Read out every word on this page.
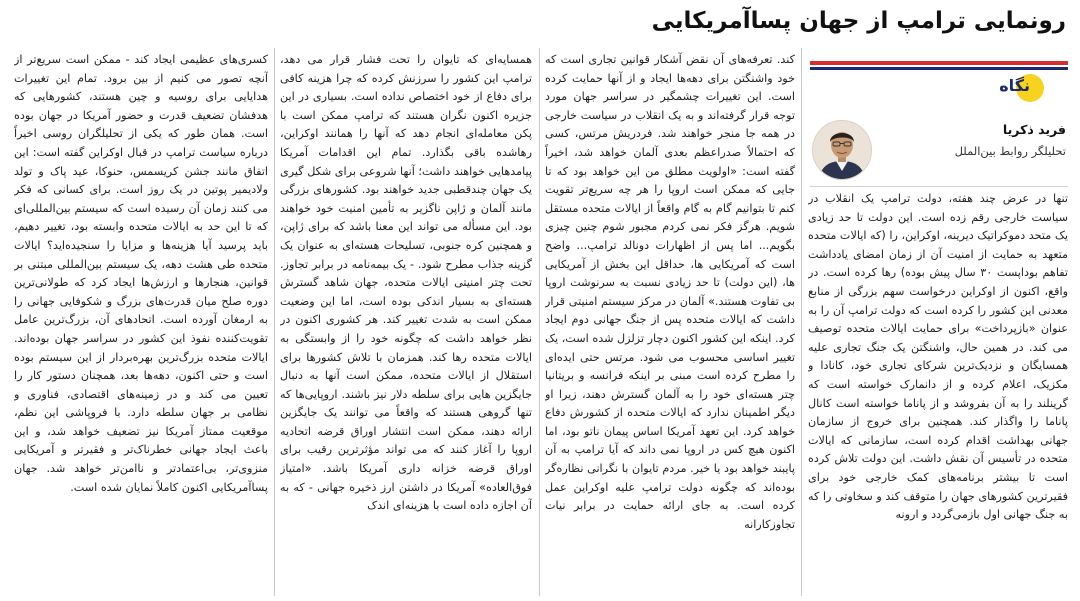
رونمایی ترامپ از جهان پساآمریکایی
نگاه
فرید ذکریا
تحلیلگر روابط بین‌الملل

تنها در عرض چند هفته، دولت ترامپ یک انقلاب در سیاست خارجی رقم زده است. این دولت تا حد زیادی یک متحد دموکراتیک دیرینه، اوکراین، را (که ایالات متحده متعهد به حمایت از امنیت آن از زمان امضای یادداشت تفاهم بوداپست ۳۰ سال پیش بوده) رها کرده است. در واقع، اکنون از اوکراین درخواست سهم بزرگی از منابع معدنی این کشور را کرده است که دولت ترامپ آن را به عنوان «بازپرداخت» برای حمایت ایالات متحده توصیف می کند. در همین حال، واشنگتن یک جنگ تجاری علیه همسایگان و نزدیک‌ترین شرکای تجاری خود، کانادا و مکزیک، اعلام کرده و از دانمارک خواسته است که گرینلند را به آن بفروشد و از پاناما خواسته است کانال پاناما را واگذار کند. همچنین برای خروج از سازمان جهانی بهداشت اقدام کرده است، سازمانی که ایالات متحده در تأسیس آن نقش داشت. این دولت تلاش کرده است تا بیشتر برنامه‌های کمک خارجی خود برای فقیرترین کشورهای جهان را متوقف کند و سخاوتی را که به جنگ جهانی اول بازمی‌گردد و ارونه

کند. تعرفه‌های آن نقض آشکار قوانین تجاری است که خود واشنگتن برای دهه‌ها ایجاد و از آنها حمایت کرده است. این تغییرات چشمگیر در سراسر جهان مورد توجه قرار گرفته‌اند و به یک انقلاب در سیاست خارجی در همه جا منجر خواهند شد. فردریش مرتس، کسی که احتمالاً صدراعظم بعدی آلمان خواهد شد، اخیراً گفته است: «اولویت مطلق من این خواهد بود که تا جایی که ممکن است اروپا را هر چه سریع‌تر تقویت کنم تا بتوانیم گام به گام واقعاً از ایالات متحده مستقل شویم. هرگز فکر نمی کردم مجبور شوم چنین چیزی بگویم... اما پس از اظهارات دونالد ترامپ... واضح است که آمریکایی ها، حداقل این بخش از آمریکایی ها، (این دولت) تا حد زیادی نسبت به سرنوشت اروپا بی تفاوت هستند.» آلمان در مرکز سیستم امنیتی قرار داشت که ایالات متحده پس از جنگ جهانی دوم ایجاد کرد. اینکه این کشور اکنون دچار تزلزل شده است، یک تغییر اساسی محسوب می شود. مرتس حتی ایده‌ای را مطرح کرده است مبنی بر اینکه فرانسه و بریتانیا چتر هسته‌ای خود را به آلمان گسترش دهند، زیرا او دیگر اطمینان ندارد که ایالات متحده از کشورش دفاع خواهد کرد. این تعهد آمریکا اساس پیمان ناتو بود، اما اکنون هیچ کس در اروپا نمی داند که آیا ترامپ به آن پایبند خواهد بود یا خیر. مردم تایوان با نگرانی نظاره‌گر بوده‌اند که چگونه دولت ترامپ علیه اوکراین عمل کرده است. به جای ارائه حمایت در برابر نیات تجاوزکارانه

همسایه‌ای که تایوان را تحت فشار قرار می دهد، ترامپ این کشور را سرزنش کرده که چرا هزینه کافی برای دفاع از خود اختصاص نداده است. بسیاری در این جزیره اکنون نگران هستند که ترامپ ممکن است با پکن معامله‌ای انجام دهد که آنها را همانند اوکراین، رهاشده باقی بگذارد. تمام این اقدامات آمریکا پیامدهایی خواهند داشت؛ آنها شروعی برای شکل گیری یک جهان چندقطبی جدید خواهند بود. کشورهای بزرگی مانند آلمان و ژاپن ناگزیر به تأمین امنیت خود خواهند بود. این مسأله می تواند این معنا باشد که برای ژاپن، و همچنین کره جنوبی، تسلیحات هسته‌ای به عنوان یک گزینه جذاب مطرح شود. - یک بیمه‌نامه در برابر تجاوز. تحت چتر امنیتی ایالات متحده، جهان شاهد گسترش هسته‌ای به بسیار اندکی بوده است، اما این وضعیت ممکن است به شدت تغییر کند. هر کشوری اکنون در نظر خواهد داشت که چگونه خود را از وابستگی به ایالات متحده رها کند. همزمان با تلاش کشورها برای استقلال از ایالات متحده، ممکن است آنها به دنبال جایگزین هایی برای سلطه دلار نیز باشند. اروپایی‌ها که تنها گروهی هستند که واقعاً می توانند یک جایگزین ارائه دهند، ممکن است انتشار اوراق قرضه اتحادیه اروپا را آغاز کنند که می تواند مؤثرترین رقیب برای اوراق قرضه خزانه داری آمریکا باشد. «امتیاز فوق‌العاده» آمریکا در داشتن ارز ذخیره جهانی - که به آن اجازه داده است با هزینه‌ای اندک

کسری‌های عظیمی ایجاد کند - ممکن است سریع‌تر از آنچه تصور می کنیم از بین برود. تمام این تغییرات هدایایی برای روسیه و چین هستند، کشورهایی که هدفشان تضعیف قدرت و حضور آمریکا در جهان بوده است. همان طور که یکی از تحلیلگران روسی اخیراً درباره سیاست ترامپ در قبال اوکراین گفته است: این اتفاق مانند جشن کریسمس، حنوکا، عید پاک و تولد ولادیمیر پوتین در یک روز است. برای کسانی که فکر می کنند زمان آن رسیده است که سیستم بین‌المللی‌ای که تا این حد به ایالات متحده وابسته بود، تغییر دهیم، باید پرسید آیا هزینه‌ها و مزایا را سنجیده‌اید؟ ایالات متحده طی هشت دهه، یک سیستم بین‌المللی مبتنی بر قوانین، هنجارها و ارزش‌ها ایجاد کرد که طولانی‌ترین دوره صلح میان قدرت‌های بزرگ و شکوفایی جهانی را به ارمغان آورده است. اتحادهای آن، بزرگ‌ترین عامل تقویت‌کننده نفوذ این کشور در سراسر جهان بوده‌اند. ایالات متحده بزرگ‌ترین بهره‌بردار از این سیستم بوده است و حتی اکنون، دهه‌ها بعد، همچنان دستور کار را تعیین می کند و در زمینه‌های اقتصادی، فناوری و نظامی بر جهان سلطه دارد. با فروپاشی این نظم، موقعیت ممتاز آمریکا نیز تضعیف خواهد شد، و این باعث ایجاد جهانی خطرناک‌تر و فقیرتر و آمریکایی منزوی‌تر، بی‌اعتمادتر و ناامن‌تر خواهد شد. جهان پساآمریکایی اکنون کاملاً نمایان شده است.
